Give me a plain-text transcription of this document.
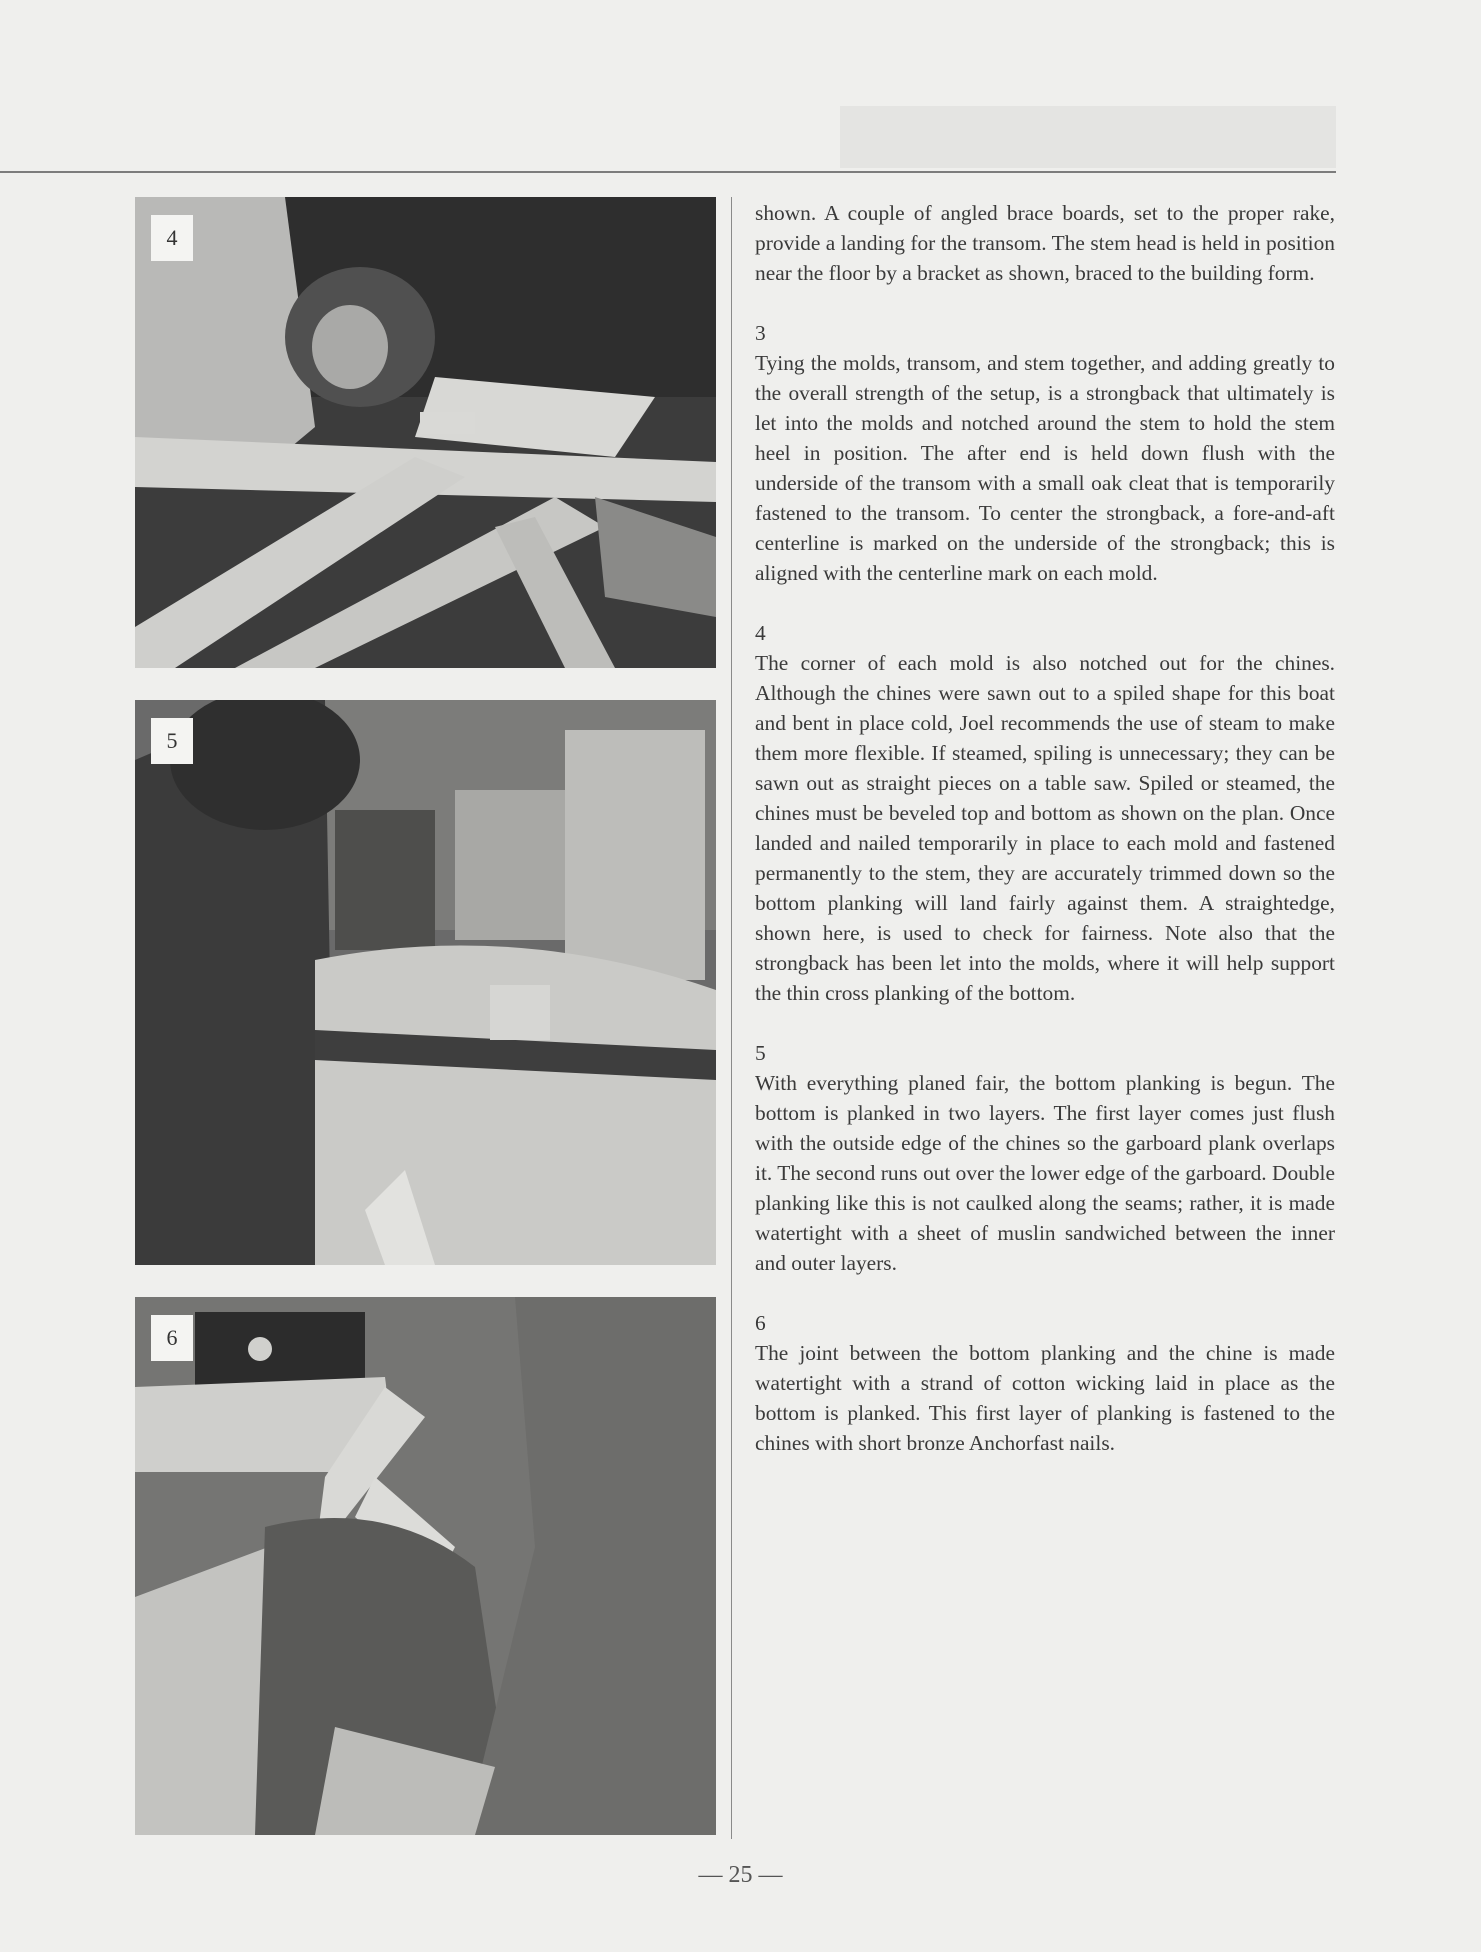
4
5
6

shown. A couple of angled brace boards, set to the proper rake, provide a landing for the transom. The stem head is held in position near the floor by a bracket as shown, braced to the building form.

3

Tying the molds, transom, and stem together, and adding greatly to the overall strength of the setup, is a strongback that ultimately is let into the molds and notched around the stem to hold the stem heel in position. The after end is held down flush with the underside of the transom with a small oak cleat that is temporarily fastened to the transom. To center the strongback, a fore-and-aft centerline is marked on the underside of the strongback; this is aligned with the centerline mark on each mold.

4

The corner of each mold is also notched out for the chines. Although the chines were sawn out to a spiled shape for this boat and bent in place cold, Joel recommends the use of steam to make them more flexible. If steamed, spiling is unnecessary; they can be sawn out as straight pieces on a table saw. Spiled or steamed, the chines must be beveled top and bottom as shown on the plan. Once landed and nailed temporarily in place to each mold and fastened permanently to the stem, they are accurately trimmed down so the bottom planking will land fairly against them. A straightedge, shown here, is used to check for fairness. Note also that the strongback has been let into the molds, where it will help support the thin cross planking of the bottom.

5

With everything planed fair, the bottom planking is begun. The bottom is planked in two layers. The first layer comes just flush with the outside edge of the chines so the garboard plank overlaps it. The second runs out over the lower edge of the garboard. Double planking like this is not caulked along the seams; rather, it is made watertight with a sheet of muslin sandwiched between the inner and outer layers.

6

The joint between the bottom planking and the chine is made watertight with a strand of cotton wicking laid in place as the bottom is planked. This first layer of planking is fastened to the chines with short bronze Anchorfast nails.

— 25 —
